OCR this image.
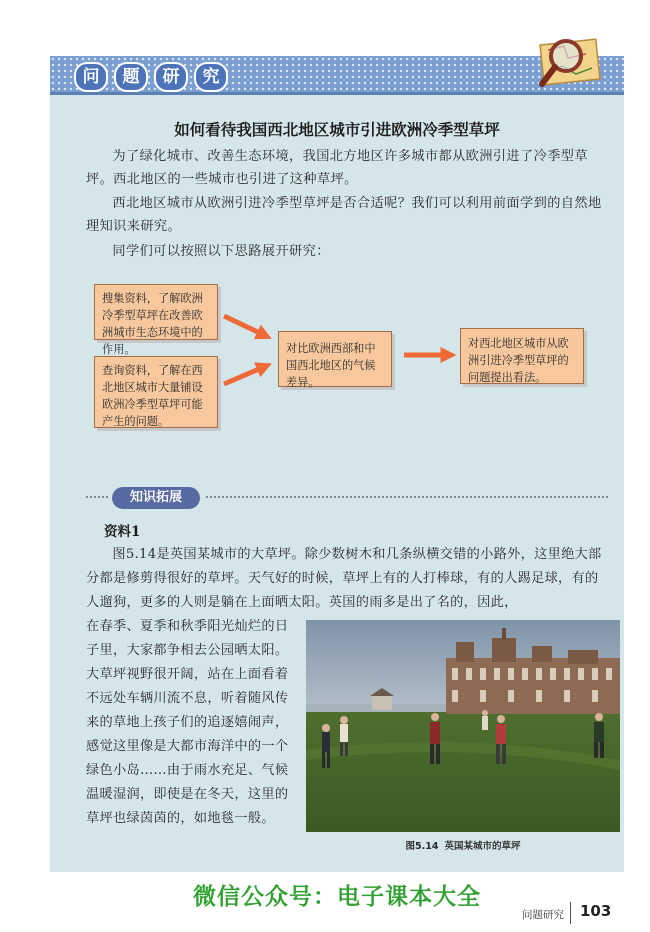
问	题	研	究
如何看待我国西北地区城市引进欧洲冷季型草坪

为了绿化城市、改善生态环境，我国北方地区许多城市都从欧洲引进了冷季型草坪。西北地区的一些城市也引进了这种草坪。

西北地区城市从欧洲引进冷季型草坪是否合适呢？我们可以利用前面学到的自然地理知识来研究。

同学们可以按照以下思路展开研究：

搜集资料，了解欧洲冷季型草坪在改善欧洲城市生态环境中的作用。
查询资料，了解在西北地区城市大量铺设欧洲冷季型草坪可能产生的问题。
对比欧洲西部和中国西北地区的气候差异。
对西北地区城市从欧洲引进冷季型草坪的问题提出看法。
知识拓展
资料1

图5.14是英国某城市的大草坪。除少数树木和几条纵横交错的小路外，这里绝大部分都是修剪得很好的草坪。天气好的时候，草坪上有的人打棒球，有的人踢足球，有的人遛狗，更多的人则是躺在上面晒太阳。英国的雨多是出了名的，因此，

在春季、夏季和秋季阳光灿烂的日子里，大家都争相去公园晒太阳。大草坪视野很开阔，站在上面看着不远处车辆川流不息，听着随风传来的草地上孩子们的追逐嬉闹声，感觉这里像是大都市海洋中的一个绿色小岛……由于雨水充足、气候温暖湿润，即使是在冬天，这里的草坪也绿茵茵的，如地毯一般。

图5.14 英国某城市的草坪
微信公众号：电子课本大全
问题研究 103
